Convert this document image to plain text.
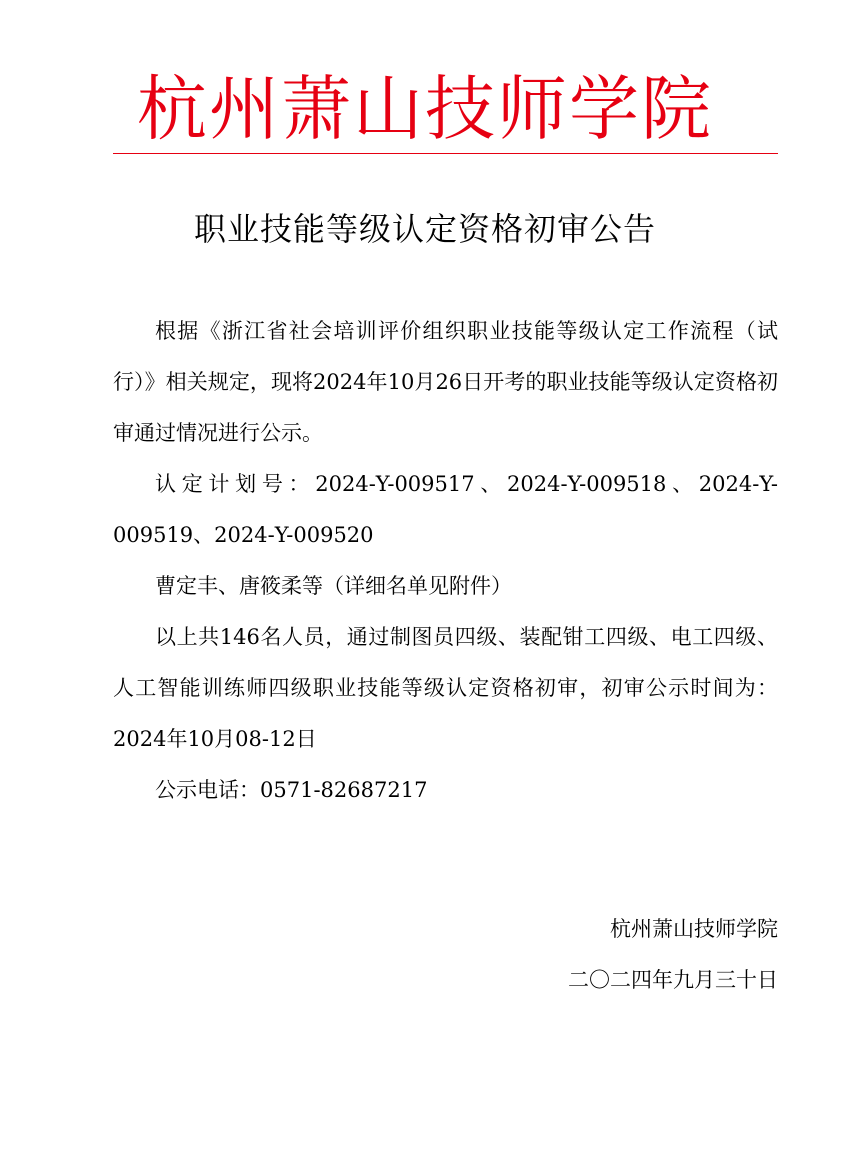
杭州萧山技师学院
职业技能等级认定资格初审公告

根据《浙江省社会培训评价组织职业技能等级认定工作流程（试行）》相关规定，现将2024年10月26日开考的职业技能等级认定资格初审通过情况进行公示。

认定计划号：2024-Y-009517、2024-Y-009518、2024-Y-009519、2024-Y-009520

曹定丰、唐筱柔等（详细名单见附件）

以上共146名人员，通过制图员四级、装配钳工四级、电工四级、人工智能训练师四级职业技能等级认定资格初审，初审公示时间为：2024年10月08-12日

公示电话：0571-82687217

杭州萧山技师学院
二〇二四年九月三十日
